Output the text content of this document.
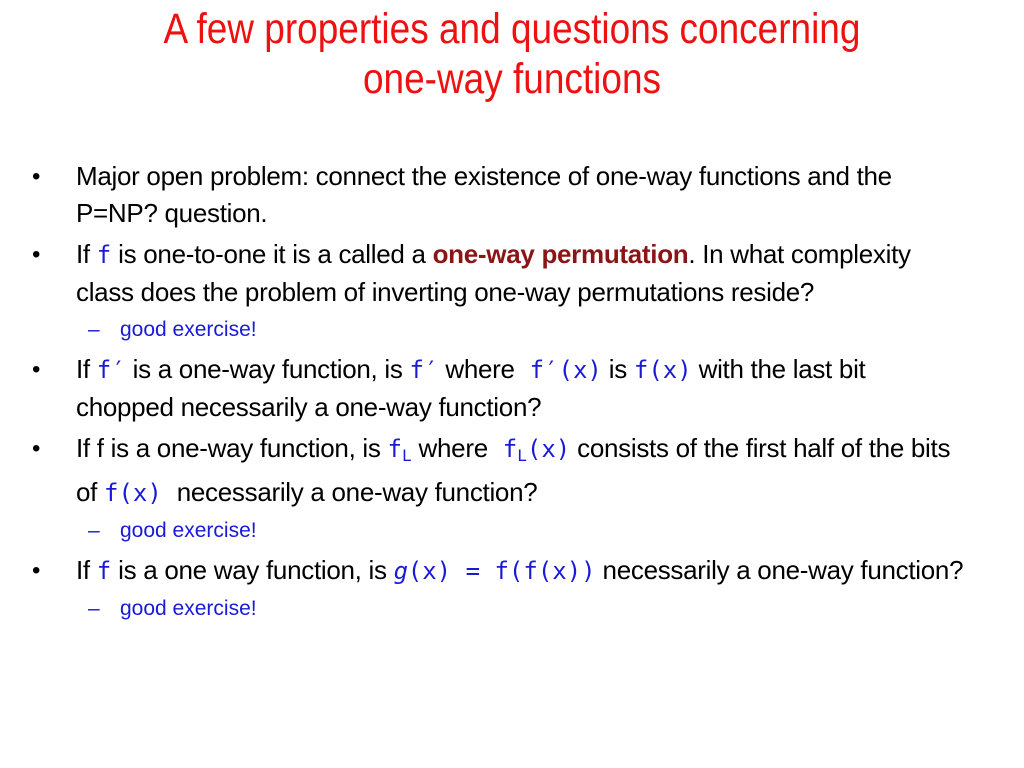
A few properties and questions concerning
one-way functions
•	Major open problem: connect the existence of one-way functions and the P=NP? question.
•	If f is one-to-one it is a called a one-way permutation. In what complexity class does the problem of inverting one-way permutations reside?
– good exercise!
•	If f′ is a one-way function, is f′ where f′(x) is f(x) with the last bit chopped necessarily a one-way function?
•	If f is a one-way function, is $f_L$ where $f_L(x)$ consists of the first half of the bits of f(x) necessarily a one-way function?
– good exercise!
•	If f is a one way function, is g(x) = f(f(x)) necessarily a one-way function?
– good exercise!
